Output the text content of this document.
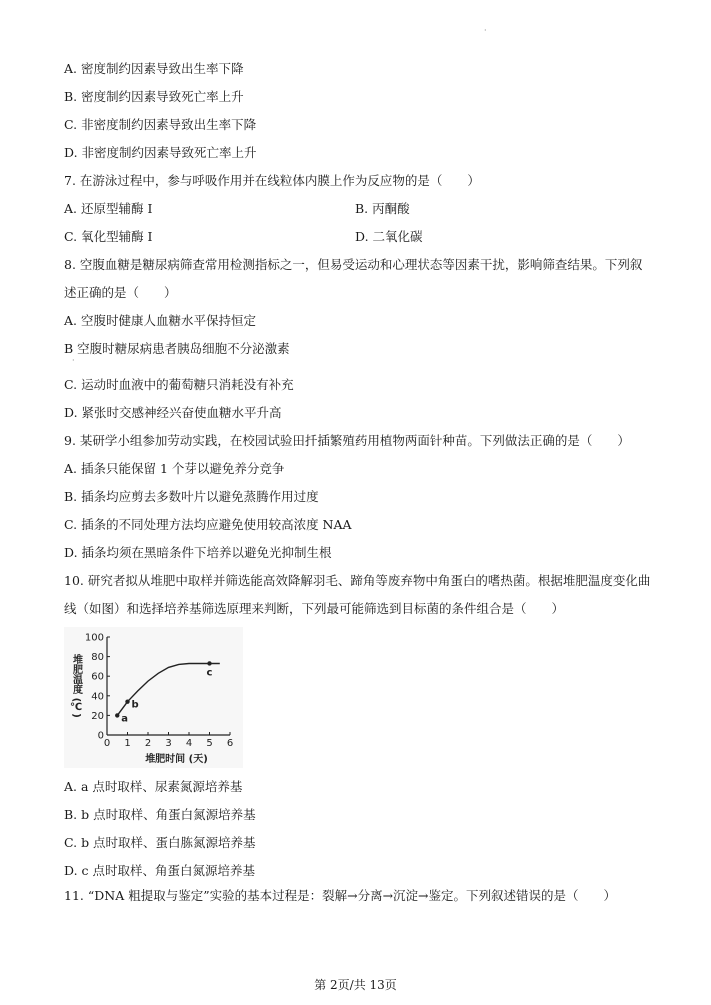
·
A. 密度制约因素导致出生率下降
B. 密度制约因素导致死亡率上升
C. 非密度制约因素导致出生率下降
D. 非密度制约因素导致死亡率上升
7. 在游泳过程中，参与呼吸作用并在线粒体内膜上作为反应物的是（　　）
A. 还原型辅酶 I	B. 丙酮酸
C. 氧化型辅酶 I	D. 二氧化碳
8. 空腹血糖是糖尿病筛查常用检测指标之一，但易受运动和心理状态等因素干扰，影响筛查结果。下列叙
述正确的是（　　）
A. 空腹时健康人血糖水平保持恒定
B 空腹时糖尿病患者胰岛细胞不分泌激素
·
C. 运动时血液中的葡萄糖只消耗没有补充
D. 紧张时交感神经兴奋使血糖水平升高
9. 某研学小组参加劳动实践，在校园试验田扦插繁殖药用植物两面针种苗。下列做法正确的是（　　）
A. 插条只能保留 1 个芽以避免养分竞争
B. 插条均应剪去多数叶片以避免蒸腾作用过度
C. 插条的不同处理方法均应避免使用较高浓度 NAA
D. 插条均须在黑暗条件下培养以避免光抑制生根
10. 研究者拟从堆肥中取样并筛选能高效降解羽毛、蹄角等废弃物中角蛋白的嗜热菌。根据堆肥温度变化曲
线（如图）和选择培养基筛选原理来判断，下列最可能筛选到目标菌的条件组合是（　　）
0
20
40
60
80
100
0 1 2 3 4 5 6
堆肥时间 (天)
堆肥温度 (℃)
a
b
c
A. a 点时取样、尿素氮源培养基
B. b 点时取样、角蛋白氮源培养基
C. b 点时取样、蛋白胨氮源培养基
D. c 点时取样、角蛋白氮源培养基
11. “DNA 粗提取与鉴定”实验的基本过程是：裂解→分离→沉淀→鉴定。下列叙述错误的是（　　）
第 2页/共 13页
